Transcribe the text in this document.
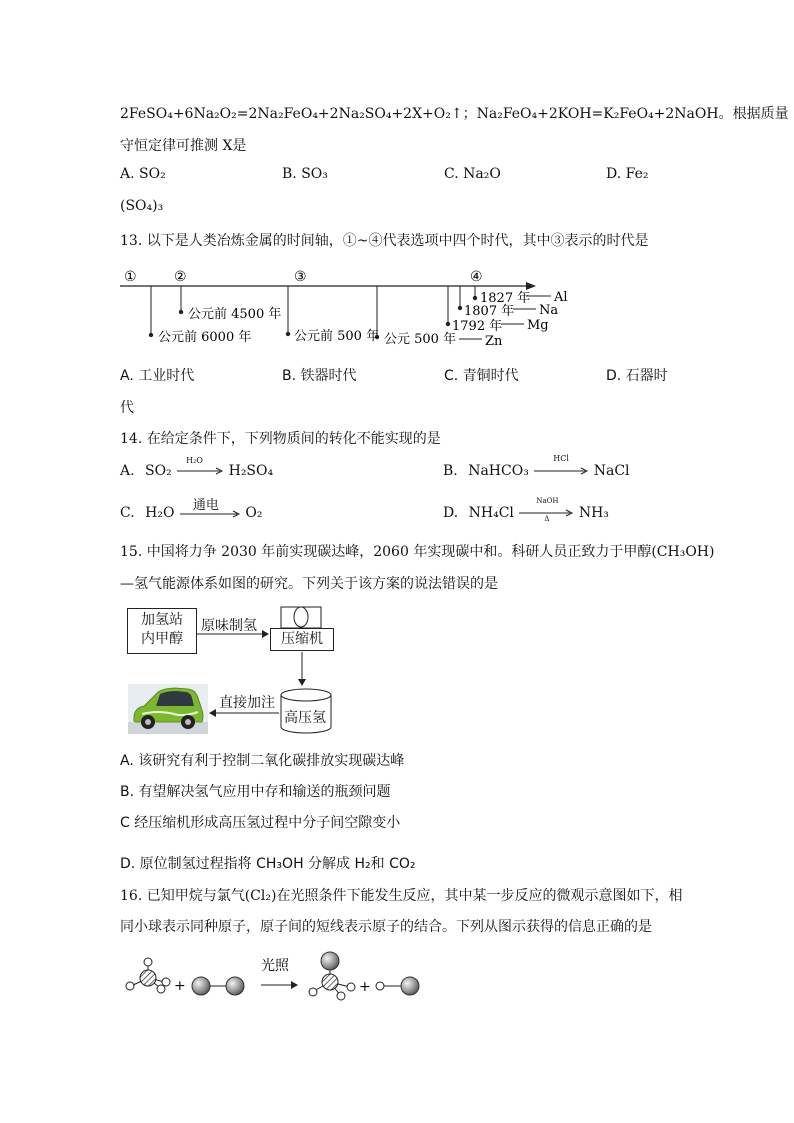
2FeSO₄+6Na₂O₂=2Na₂FeO₄+2Na₂SO₄+2X+O₂↑；Na₂FeO₄+2KOH=K₂FeO₄+2NaOH。根据质量
守恒定律可推测 X是
A. SO₂	B. SO₃	C. Na₂O	D. Fe₂
(SO₄)₃
13. 以下是人类冶炼金属的时间轴，①~④代表选项中四个时代，其中③表示的时代是
①	②	③	④
公元前 4500 年
公元前 6000 年	公元前 500 年 公元 500 年
1827 年
1807 年
1792 年
Al
Na
Mg
Zn
A. 工业时代	B. 铁器时代	C. 青铜时代	D. 石器时
代
14. 在给定条件下，下列物质间的转化不能实现的是
A. SO₂
H₂O
H₂SO₄	B. NaHCO₃
HCl
NaCl
C. H₂O 通电 O₂	D. NH₄Cl
NaOH
Δ NH₃
15. 中国将力争 2030 年前实现碳达峰，2060 年实现碳中和。科研人员正致力于甲醇(CH₃OH)
—氢气能源体系如图的研究。下列关于该方案的说法错误的是
加氢站
内甲醇
原味制氢
压缩机
高压氢
直接加注
A. 该研究有利于控制二氧化碳排放实现碳达峰
B. 有望解决氢气应用中存和输送的瓶颈问题
C 经压缩机形成高压氢过程中分子间空隙变小
D. 原位制氢过程指将 CH₃OH 分解成 H₂和 CO₂
16. 已知甲烷与氯气(Cl₂)在光照条件下能发生反应，其中某一步反应的微观示意图如下，相
同小球表示同种原子，原子间的短线表示原子的结合。下列从图示获得的信息正确的是
+
光照
+
